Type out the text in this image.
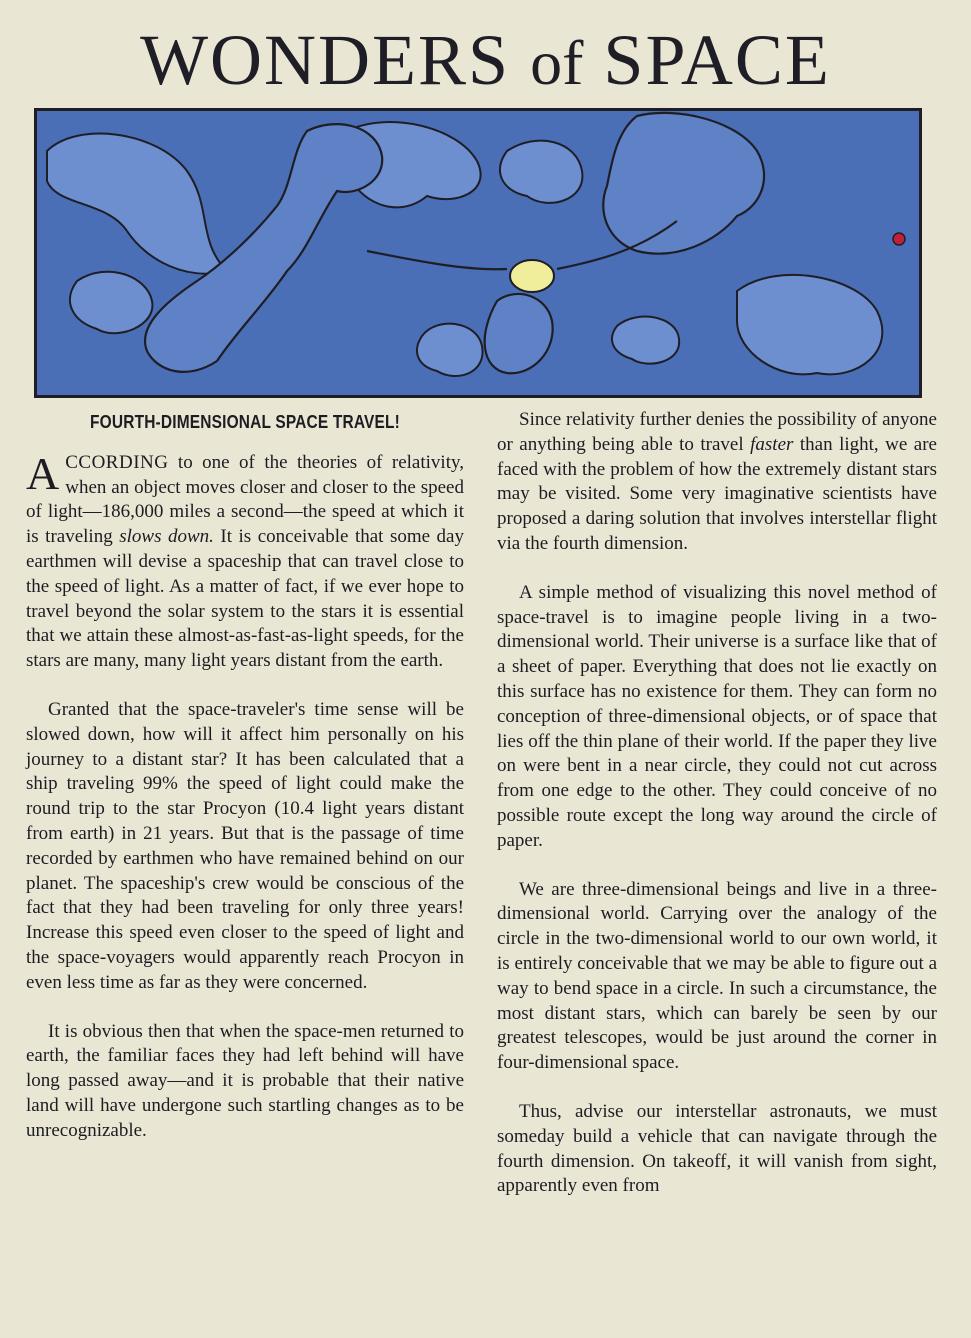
WONDERS of SPACE
FOURTH-DIMENSIONAL SPACE TRAVEL!

ACCORDING to one of the theories of relativity, when an object moves closer and closer to the speed of light—186,000 miles a second—the speed at which it is traveling slows down. It is conceivable that some day earthmen will devise a spaceship that can travel close to the speed of light. As a matter of fact, if we ever hope to travel beyond the solar system to the stars it is essential that we attain these almost-as-fast-as-light speeds, for the stars are many, many light years distant from the earth.

Granted that the space-traveler's time sense will be slowed down, how will it affect him personally on his journey to a distant star? It has been calculated that a ship traveling 99% the speed of light could make the round trip to the star Procyon (10.4 light years distant from earth) in 21 years. But that is the passage of time recorded by earthmen who have remained behind on our planet. The spaceship's crew would be conscious of the fact that they had been traveling for only three years! Increase this speed even closer to the speed of light and the space-voyagers would apparently reach Procyon in even less time as far as they were concerned.

It is obvious then that when the space-men returned to earth, the familiar faces they had left behind will have long passed away—and it is probable that their native land will have undergone such startling changes as to be unrecognizable.

Since relativity further denies the possibility of anyone or anything being able to travel faster than light, we are faced with the problem of how the extremely distant stars may be visited. Some very imaginative scientists have proposed a daring solution that involves interstellar flight via the fourth dimension.

A simple method of visualizing this novel method of space-travel is to imagine people living in a two-dimensional world. Their universe is a surface like that of a sheet of paper. Everything that does not lie exactly on this surface has no existence for them. They can form no conception of three-dimensional objects, or of space that lies off the thin plane of their world. If the paper they live on were bent in a near circle, they could not cut across from one edge to the other. They could conceive of no possible route except the long way around the circle of paper.

We are three-dimensional beings and live in a three-dimensional world. Carrying over the analogy of the circle in the two-dimensional world to our own world, it is entirely conceivable that we may be able to figure out a way to bend space in a circle. In such a circumstance, the most distant stars, which can barely be seen by our greatest telescopes, would be just around the corner in four-dimensional space.

Thus, advise our interstellar astronauts, we must someday build a vehicle that can navigate through the fourth dimension. On takeoff, it will vanish from sight, apparently even from
